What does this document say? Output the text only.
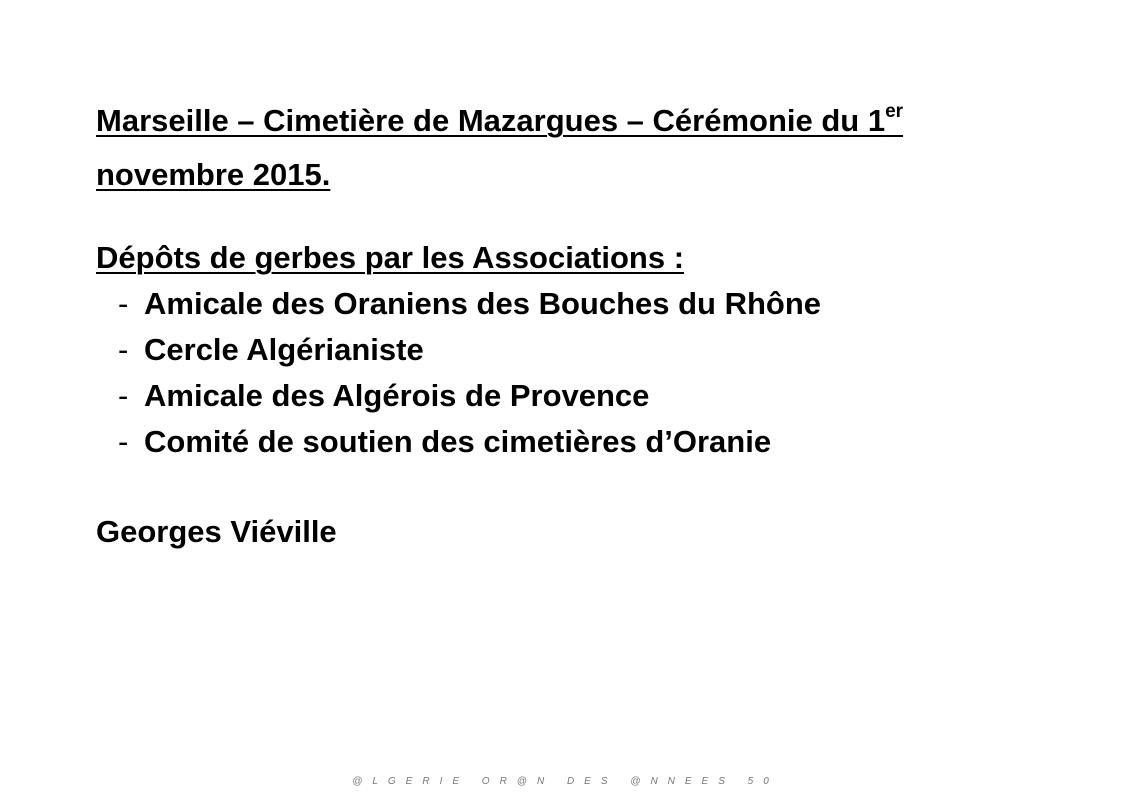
Marseille – Cimetière de Mazargues – Cérémonie du 1er
novembre 2015.
Dépôts de gerbes par les Associations :
- Amicale des Oraniens des Bouches du Rhône
- Cercle Algérianiste
- Amicale des Algérois de Provence
- Comité de soutien des cimetières d’Oranie
Georges Viéville
@LGERIE OR@N DES @NNEES 50
